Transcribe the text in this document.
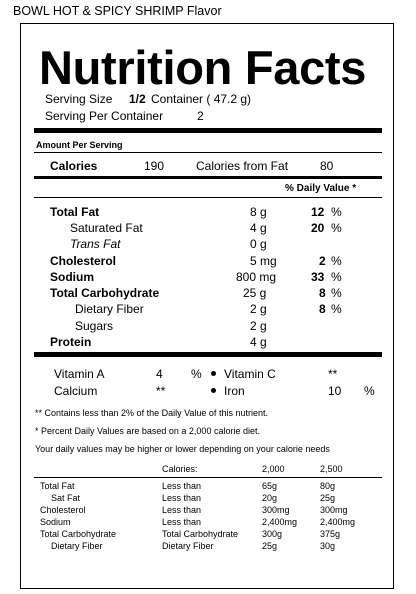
BOWL HOT & SPICY SHRIMP Flavor
Nutrition Facts
Serving Size 1/2 Container ( 47.2 g)
Serving Per Container	2
Amount Per Serving
Calories	190	Calories from Fat	80
% Daily Value *
Total Fat	8 g	12 %
Saturated Fat	4 g	20 %
Trans Fat	0 g
Cholesterol	5 mg	2 %
Sodium	800 mg	33 %
Total Carbohydrate	25 g	8 %
Dietary Fiber	2 g	8 %
Sugars	2 g
Protein	4 g
Vitamin A	4 % Vitamin C	**
Calcium	**	Iron	10 %
** Contains less than 2% of the Daily Value of this nutrient.
* Percent Daily Values are based on a 2,000 calorie diet.
Your daily values may be higher or lower depending on your calorie needs
Calories:	2,000	2,500
Total Fat	Less than	65g	80g
Sat Fat	Less than	20g	25g
Cholesterol	Less than	300mg	300mg
Sodium	Less than	2,400mg	2,400mg
Total Carbohydrate	Total Carbohydrate	300g	375g
Dietary Fiber	Dietary Fiber	25g	30g
